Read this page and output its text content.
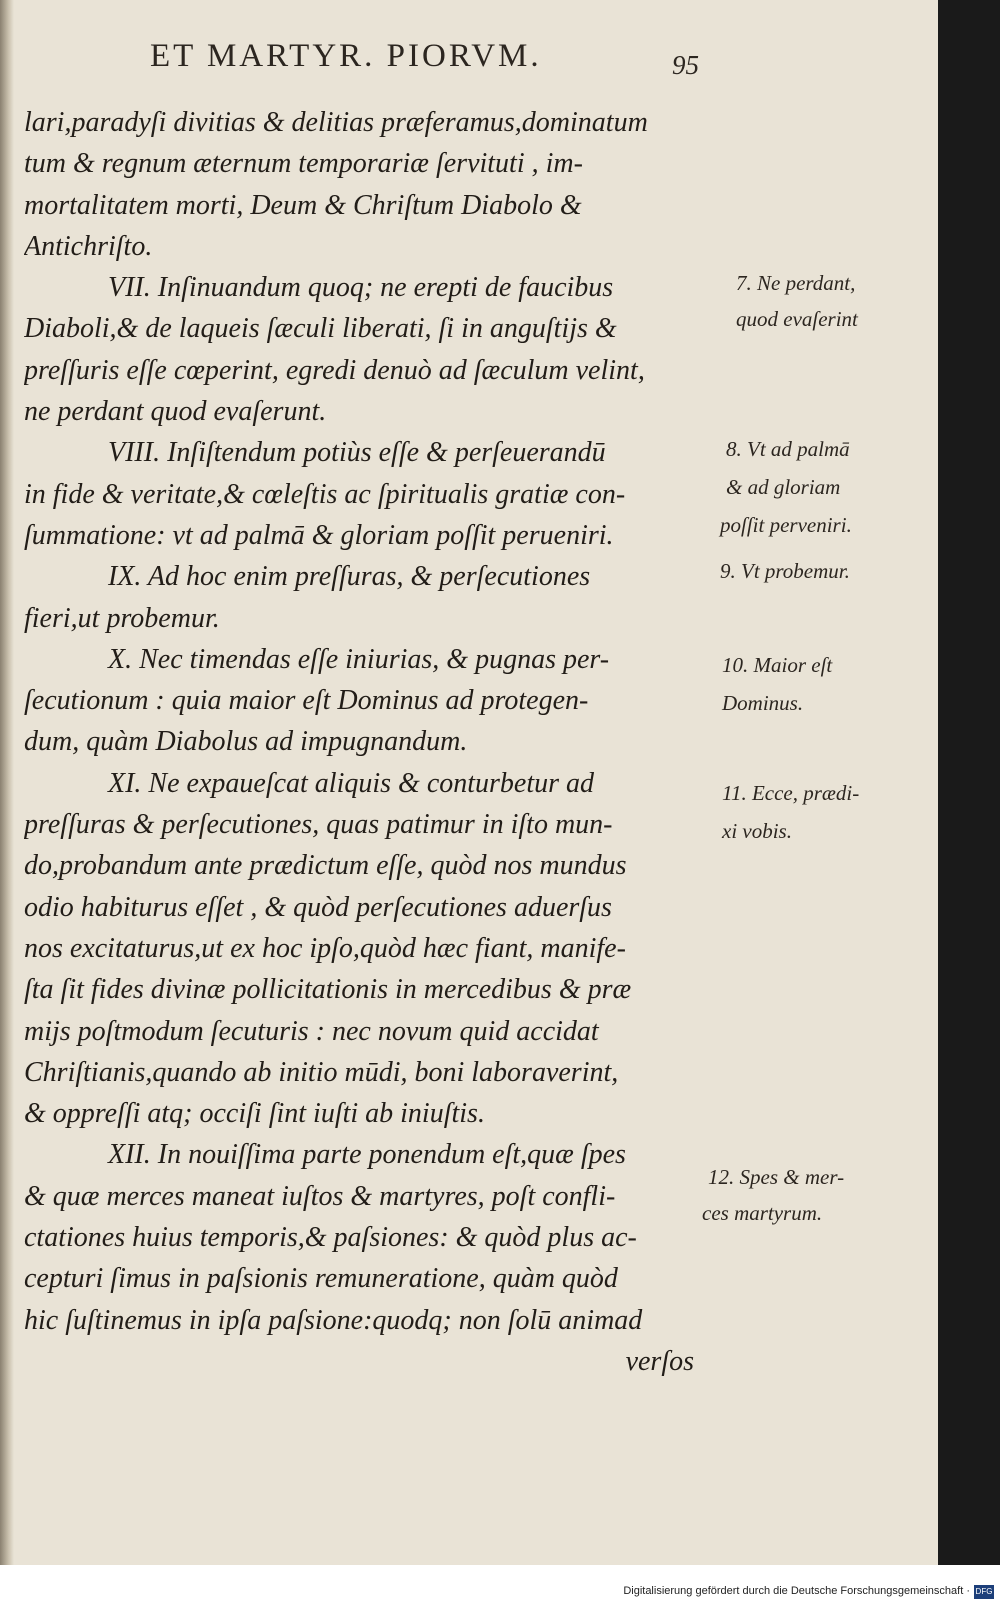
ET MARTYR. PIORVM.	95
lari,paradyſi divitias & delitias præferamus,dominatum
tum & regnum æternum temporariæ ſervituti , im-
mortalitatem morti, Deum & Chriſtum Diabolo &
Antichriſto.
VII. Inſinuandum quoq; ne erepti de faucibus
Diaboli,& de laqueis ſæculi liberati, ſi in anguſtijs &
preſſuris eſſe cœperint, egredi denuò ad ſæculum velint,
ne perdant quod evaſerunt.
VIII. Inſiſtendum potiùs eſſe & perſeuerandū
in fide & veritate,& cœleſtis ac ſpiritualis gratiæ con-
ſummatione: vt ad palmā & gloriam poſſit perueniri.
IX. Ad hoc enim preſſuras, & perſecutiones
fieri,ut probemur.
X. Nec timendas eſſe iniurias, & pugnas per-
ſecutionum : quia maior eſt Dominus ad protegen-
dum, quàm Diabolus ad impugnandum.
XI. Ne expaueſcat aliquis & conturbetur ad
preſſuras & perſecutiones, quas patimur in iſto mun-
do,probandum ante prædictum eſſe, quòd nos mundus
odio habiturus eſſet , & quòd perſecutiones aduerſus
nos excitaturus,ut ex hoc ipſo,quòd hæc fiant, manife-
ſta ſit fides divinæ pollicitationis in mercedibus & præ
mijs poſtmodum ſecuturis : nec novum quid accidat
Chriſtianis,quando ab initio mūdi, boni laboraverint,
& oppreſſi atq; occiſi ſint iuſti ab iniuſtis.
XII. In nouiſſima parte ponendum eſt,quæ ſpes
& quæ merces maneat iuſtos & martyres, poſt confli-
ctationes huius temporis,& paſsiones: & quòd plus ac-
cepturi ſimus in paſsionis remuneratione, quàm quòd
hic ſuſtinemus in ipſa paſsione:quodq; non ſolū animad
verſos
7. Ne perdant,
quod evaſerint
8. Vt ad palmā
& ad gloriam
poſſit perveniri.
9. Vt probemur.
10. Maior eſt
Dominus.
11. Ecce, prædi-
xi vobis.
12. Spes & mer-
ces martyrum.
Digitalisierung gefördert durch die Deutsche Forschungsgemeinschaft · DFG
